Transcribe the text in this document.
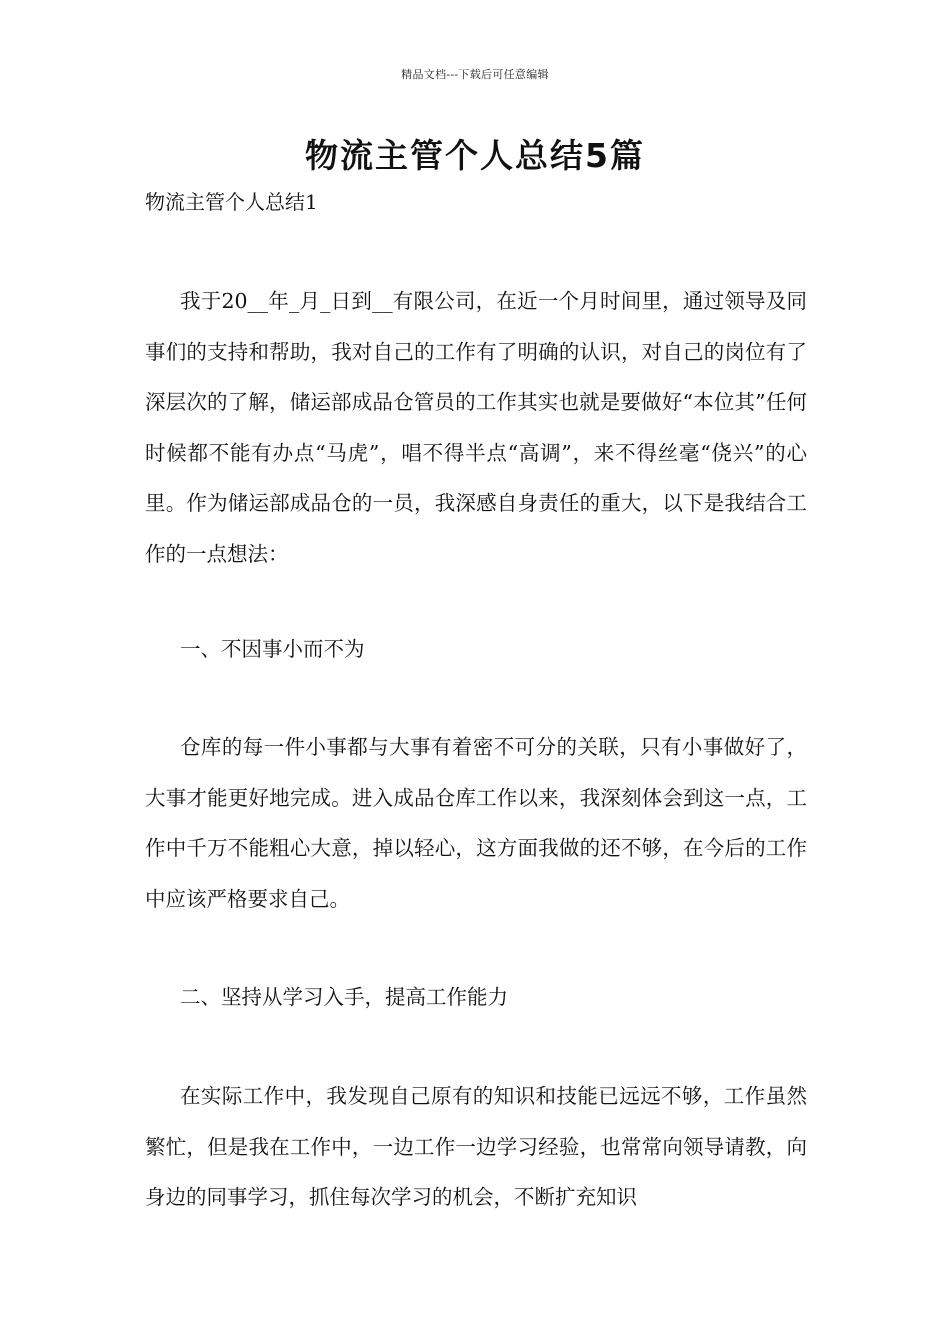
精品文档---下载后可任意编辑
物流主管个人总结5篇
物流主管个人总结1

我于20__年_月_日到__有限公司，在近一个月时间里，通过领导及同事们的支持和帮助，我对自己的工作有了明确的认识，对自己的岗位有了深层次的了解，储运部成品仓管员的工作其实也就是要做好“本位其”任何时候都不能有办点“马虎”，唱不得半点“高调”，来不得丝毫“侥兴”的心里。作为储运部成品仓的一员，我深感自身责任的重大，以下是我结合工作的一点想法：

一、不因事小而不为

仓库的每一件小事都与大事有着密不可分的关联，只有小事做好了，大事才能更好地完成。进入成品仓库工作以来，我深刻体会到这一点，工作中千万不能粗心大意，掉以轻心，这方面我做的还不够，在今后的工作中应该严格要求自己。

二、坚持从学习入手，提高工作能力

在实际工作中，我发现自己原有的知识和技能已远远不够，工作虽然繁忙，但是我在工作中，一边工作一边学习经验，也常常向领导请教，向身边的同事学习，抓住每次学习的机会，不断扩充知识
